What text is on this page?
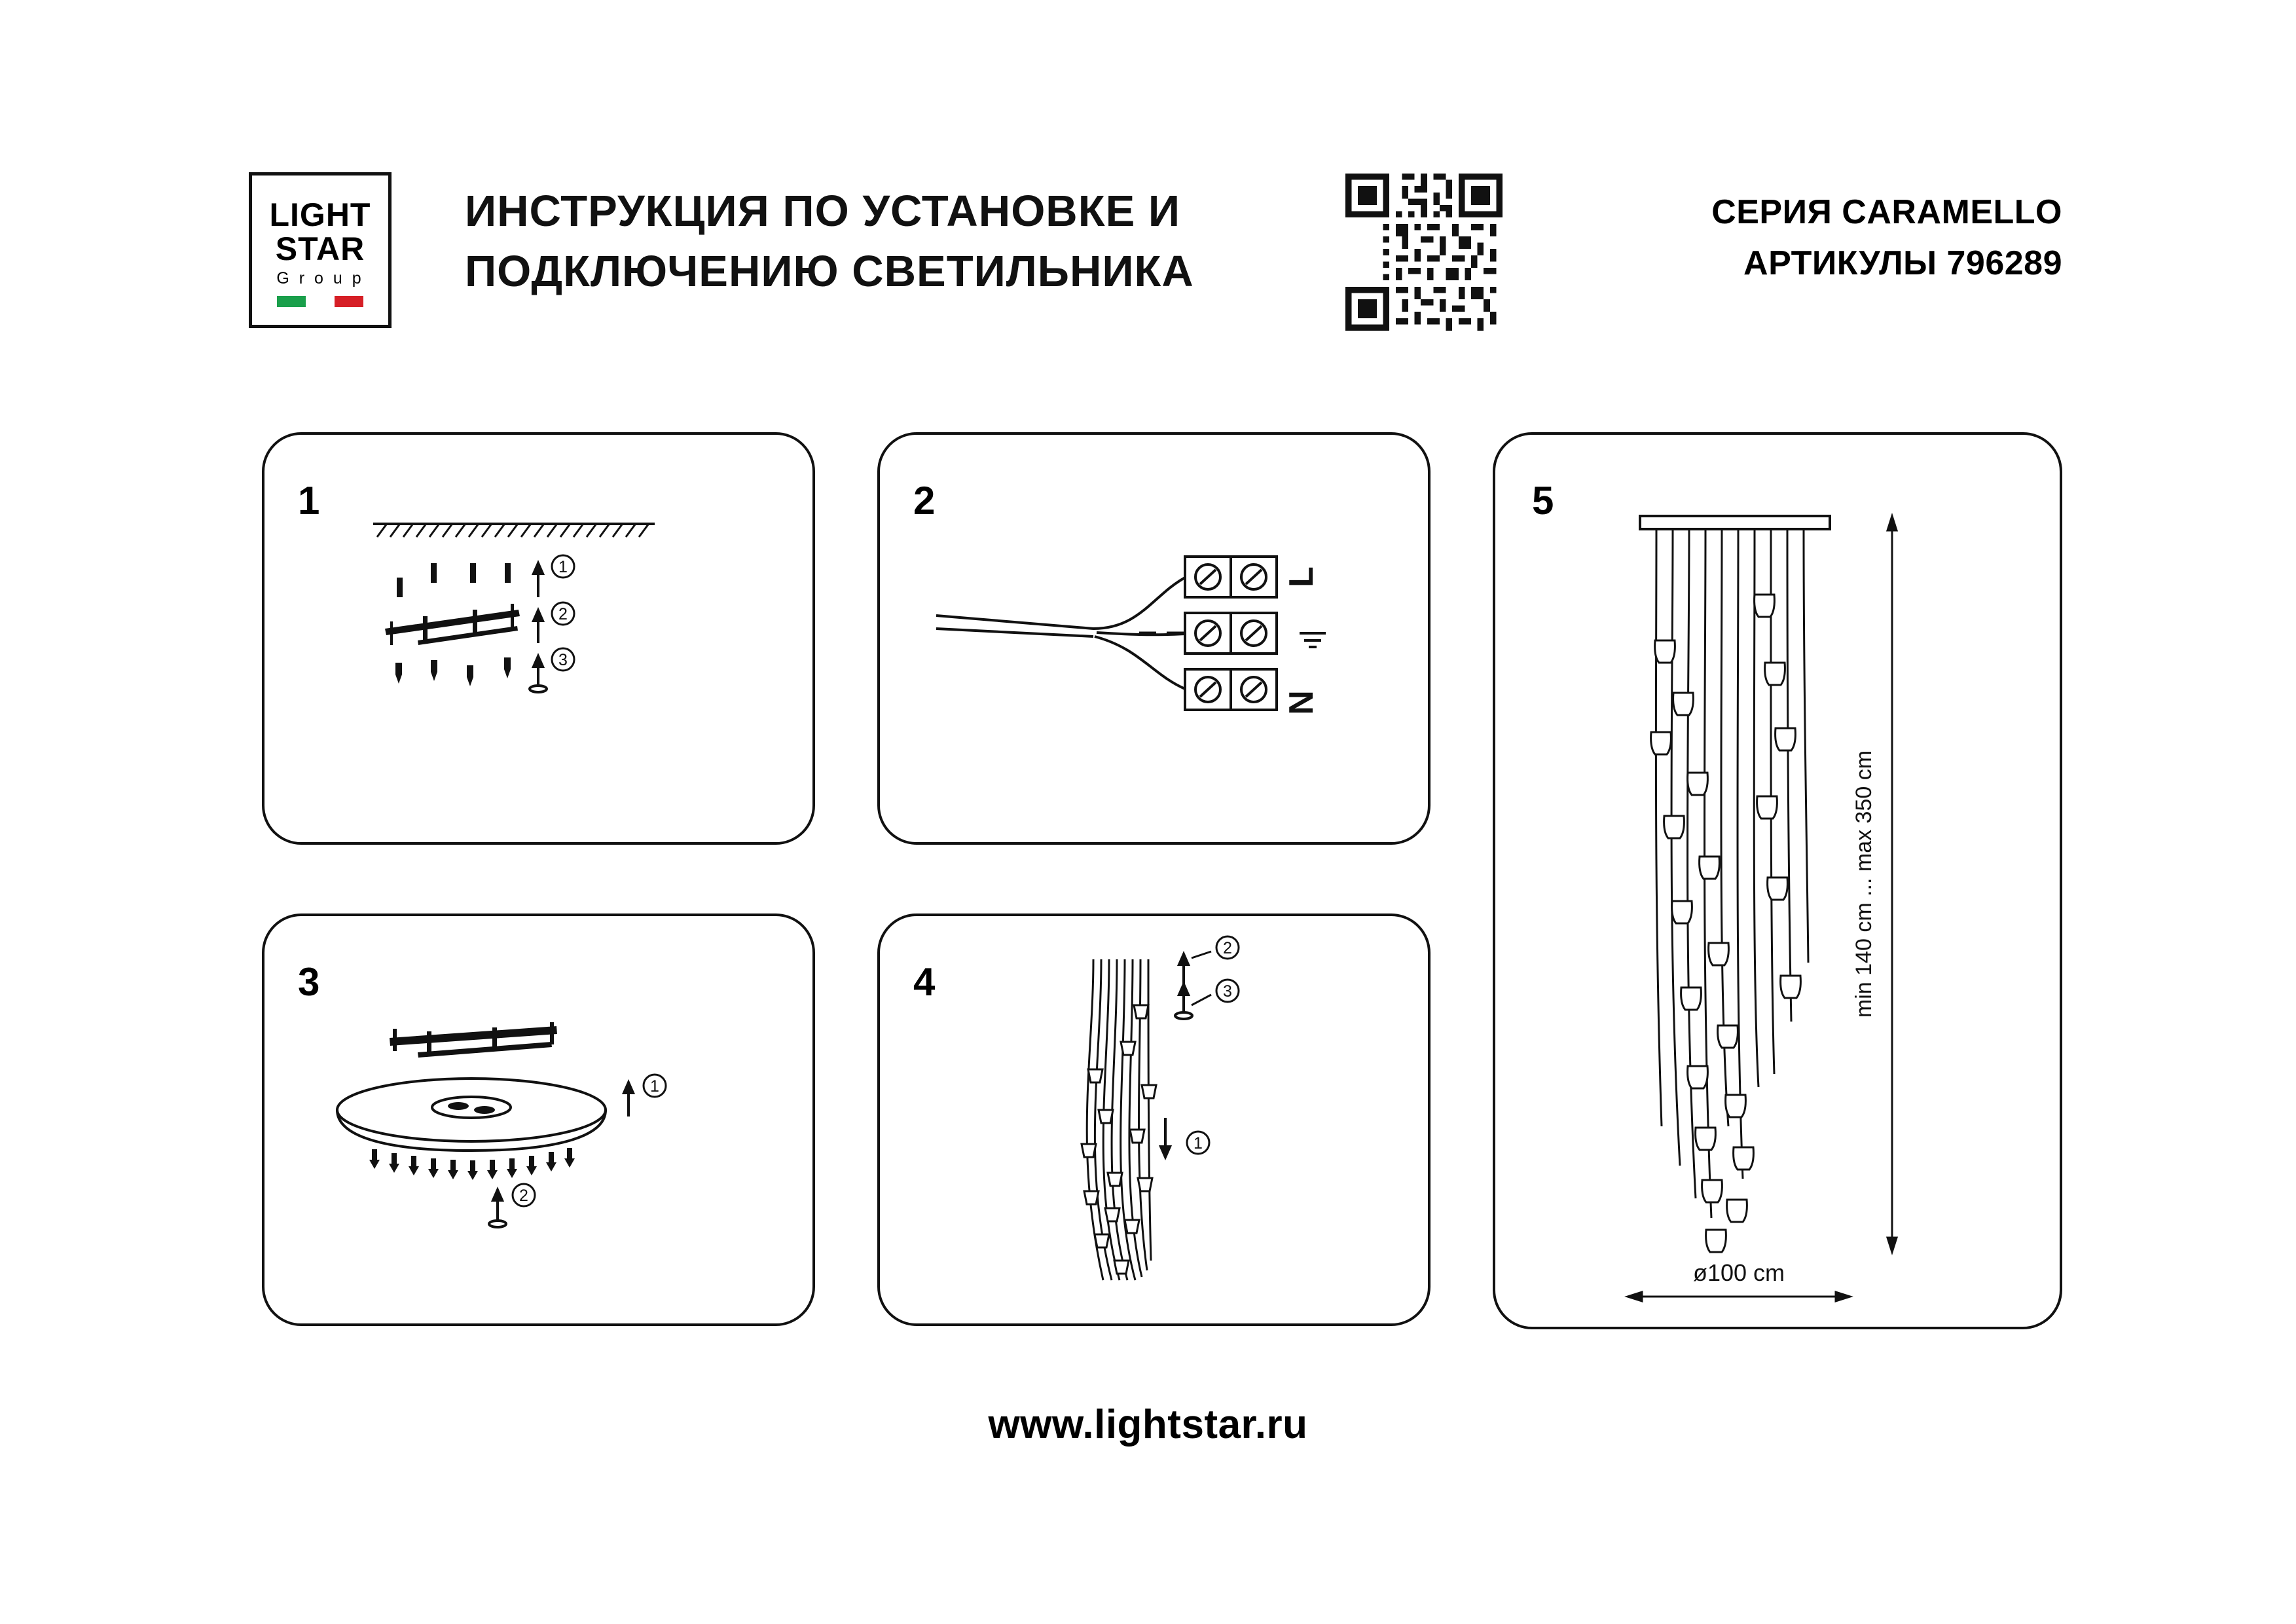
LIGHT
STAR
G r o u p
ИНСТРУКЦИЯ ПО УСТАНОВКЕ И
ПОДКЛЮЧЕНИЮ СВЕТИЛЬНИКА
СЕРИЯ CARAMELLO
АРТИКУЛЫ 796289
1
1
2
3
2
L
N
3
1
2
4
2
3
1
5
min 140 cm ... max 350 cm
ø100 cm
www.lightstar.ru
